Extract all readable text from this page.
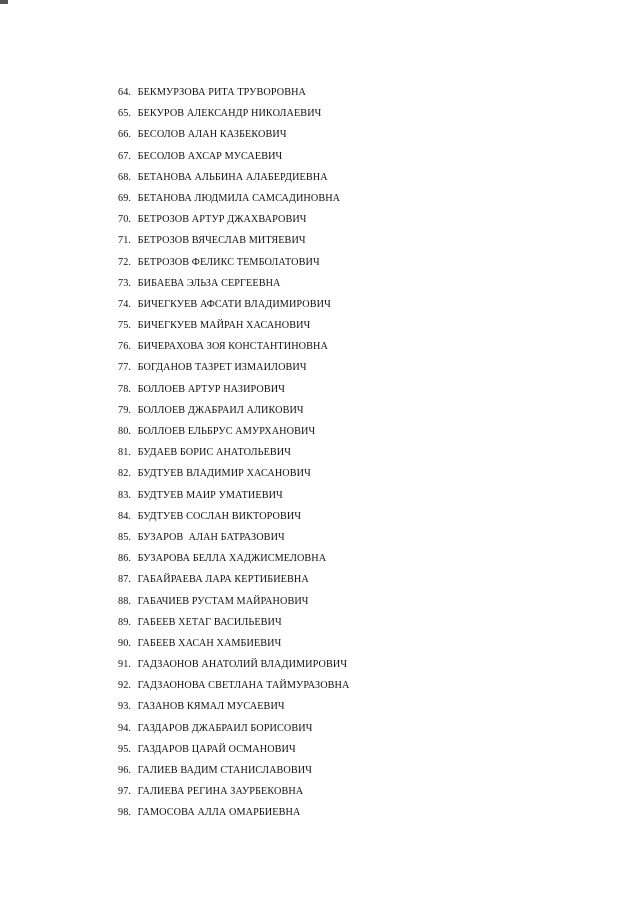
64. БЕКМУРЗОВА РИТА ТРУВОРОВНА
65. БЕКУРОВ АЛЕКСАНДР НИКОЛАЕВИЧ
66. БЕСОЛОВ АЛАН КАЗБЕКОВИЧ
67. БЕСОЛОВ АХСАР МУСАЕВИЧ
68. БЕТАНОВА АЛЬБИНА АЛАБЕРДИЕВНА
69. БЕТАНОВА ЛЮДМИЛА САМСАДИНОВНА
70. БЕТРОЗОВ АРТУР ДЖАХВАРОВИЧ
71. БЕТРОЗОВ ВЯЧЕСЛАВ МИТЯЕВИЧ
72. БЕТРОЗОВ ФЕЛИКС ТЕМБОЛАТОВИЧ
73. БИБАЕВА ЭЛЬЗА СЕРГЕЕВНА
74. БИЧЕГКУЕВ АФСАТИ ВЛАДИМИРОВИЧ
75. БИЧЕГКУЕВ МАЙРАН ХАСАНОВИЧ
76. БИЧЕРАХОВА ЗОЯ КОНСТАНТИНОВНА
77. БОГДАНОВ ТАЗРЕТ ИЗМАИЛОВИЧ
78. БОЛЛОЕВ АРТУР НАЗИРОВИЧ
79. БОЛЛОЕВ ДЖАБРАИЛ АЛИКОВИЧ
80. БОЛЛОЕВ ЕЛЬБРУС АМУРХАНОВИЧ
81. БУДАЕВ БОРИС АНАТОЛЬЕВИЧ
82. БУДТУЕВ ВЛАДИМИР ХАСАНОВИЧ
83. БУДТУЕВ МАИР УМАТИЕВИЧ
84. БУДТУЕВ СОСЛАН ВИКТОРОВИЧ
85. БУЗАРОВ  АЛАН БАТРАЗОВИЧ
86. БУЗАРОВА БЕЛЛА ХАДЖИСМЕЛОВНА
87. ГАБАЙРАЕВА ЛАРА КЕРТИБИЕВНА
88. ГАБАЧИЕВ РУСТАМ МАЙРАНОВИЧ
89. ГАБЕЕВ ХЕТАГ ВАСИЛЬЕВИЧ
90. ГАБЕЕВ ХАСАН ХАМБИЕВИЧ
91. ГАДЗАОНОВ АНАТОЛИЙ ВЛАДИМИРОВИЧ
92. ГАДЗАОНОВА СВЕТЛАНА ТАЙМУРАЗОВНА
93. ГАЗАНОВ КЯМАЛ МУСАЕВИЧ
94. ГАЗДАРОВ ДЖАБРАИЛ БОРИСОВИЧ
95. ГАЗДАРОВ ЦАРАЙ ОСМАНОВИЧ
96. ГАЛИЕВ ВАДИМ СТАНИСЛАВОВИЧ
97. ГАЛИЕВА РЕГИНА ЗАУРБЕКОВНА
98. ГАМОСОВА АЛЛА ОМАРБИЕВНА
